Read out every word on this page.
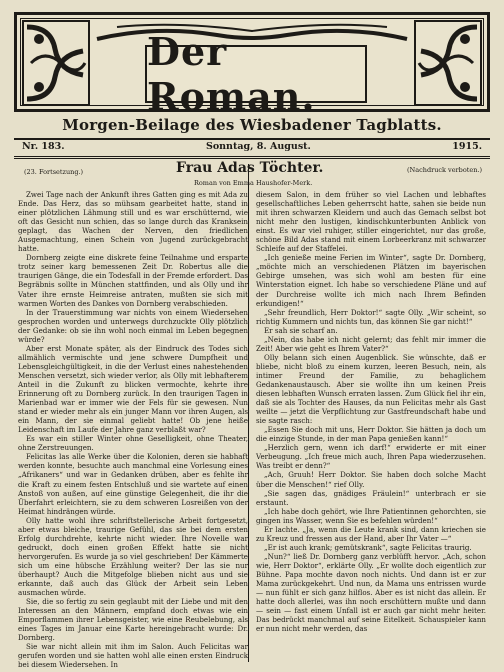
Der Roman.
Morgen-Beilage des Wiesbadener Tagblatts.
Nr. 183.	Sonntag, 8. August.	1915.
(23. Fortsetzung.)	Frau Adas Töchter.
Roman von Emma Haushofer-Merk.

Zwei Tage nach der Ankunft ihres Gatten ging es mit Ada zu Ende. Das Herz, das so mühsam gearbeitet hatte, stand in einer plötzlichen Lähmung still und es war erschütternd, wie oft das Gesicht nun schien, das so lange durch das Kranksein geplagt, das Wachen der Nerven, den friedlichen Ausgemachtung, einen Schein von Jugend zurückgebracht hatte.

Dornberg zeigte eine diskrete feine Teilnahme und ersparte trotz seiner karg bemessenen Zeit Dr. Robertus alle die traurigen Gänge, die ein Todesfall in der Fremde erfordert. Das Begräbnis sollte in München stattfinden, und als Olly und ihr Vater ihre ernste Heimreise antraten, mußten sie sich mit warmen Worten des Dankes von Dornberg verabschieden.

In der Trauerstimmung war nichts von einem Wiedersehen gesprochen worden und unterwegs durchzuckte Olly plötzlich der Gedanke: ob sie ihn wohl noch einmal im Leben begegnen würde?

Aber erst Monate später, als der Eindruck des Todes sich allmählich vermischte und jene schwere Dumpfheit und Lebensgleichgültigkeit, in die der Verlust eines nahestehenden Menschen versetzt, sich wieder verlor, als Olly mit lebhafterem Anteil in die Zukunft zu blicken vermochte, kehrte ihre Erinnerung oft zu Dornberg zurück. In den traurigen Tagen in Marienbad war er immer wie der Fels für sie gewesen. Nun stand er wieder mehr als ein junger Mann vor ihren Augen, als ein Mann, der sie einmal geliebt hatte! Ob jene heiße Leidenschaft im Laufe der Jahre ganz verblaßt war?

Es war ein stiller Winter ohne Geselligkeit, ohne Theater, ohne Zerstreuungen.

Felicitas las alle Werke über die Kolonien, deren sie habhaft werden konnte, besuchte auch manchmal eine Vorlesung eines „Afrikaners“ und war in Gedanken drüben, aber es fehlte ihr die Kraft zu einem festen Entschluß und sie wartete auf einen Anstoß von außen, auf eine günstige Gelegenheit, die ihr die Überfahrt erleichtern, sie zu dem schweren Losreißen von der Heimat hindrängen würde.

Olly hatte wohl ihre schriftstellerische Arbeit fortgesetzt, aber etwas bleiche, traurige Gefühl, das sie bei dem ersten Erfolg durchdrehte, kehrte nicht wieder. Ihre Novelle war gedruckt, doch einen großen Effekt hatte sie nicht hervorgerufen. Es wurde ja so viel geschrieben! Der Kämmerte sich um eine hübsche Erzählung weiter? Der las sie nur überhaupt? Auch die Mitgefolge blieben nicht aus und sie erkannte, daß auch das Glück der Arbeit sein Leben ausmachen würde.

Sie, die so fertig zu sein geglaubt mit der Liebe und mit den Interessen an den Männern, empfand doch etwas wie ein Emporflammen ihrer Lebensgeister, wie eine Reubelebung, als eines Tages im Januar eine Karte hereingebracht wurde: Dr. Dornberg.

Sie war nicht allein mit ihm im Salon. Auch Felicitas war gerufen worden und sie hatten wohl alle einen ersten Eindruck bei diesem Wiedersehen. In

(Nachdruck verboten.)

diesem Salon, in dem früher so viel Lachen und lebhaftes gesellschaftliches Leben geherrscht hatte, sahen sie beide nun mit ihren schwarzen Kleidern und auch das Gemach selbst bot nicht mehr den lustigen, kindischkunterbunten Anblick von einst. Es war viel ruhiger, stiller eingerichtet, nur das große, schöne Bild Adas stand mit einem Lorbeerkranz mit schwarzer Schleife auf der Staffelei.

„Ich genieße meine Ferien im Winter“, sagte Dr. Dornberg, „möchte mich an verschiedenen Plätzen im bayerischen Gebirge umsehen, was sich wohl am besten für eine Winterstation eignet. Ich habe so verschiedene Pläne und auf der Durchreise wollte ich mich nach Ihrem Befinden erkundigen!“

„Sehr freundlich, Herr Doktor!“ sagte Olly. „Wir scheint, so richtig Kummern und nichts tun, das können Sie gar nicht!“

Er sah sie scharf an.

„Nein, das habe ich nicht gelernt; das fehlt mir immer die Zeit! Aber wie geht es Ihrem Vater?“

Olly belann sich einen Augenblick. Sie wünschte, daß er bliebe, nicht bloß zu einem kurzen, leeren Besuch, nein, als intimer Freund der Familie, zu behaglichem Gedankenaustausch. Aber sie wollte ihn um keinen Preis diesen lebhaften Wunsch erraten lassen. Zum Glück fiel ihr ein, daß sie als Tochter des Hauses, da nun Felicitas mehr als Gast weilte — jetzt die Verpflichtung zur Gastfreundschaft habe und sie sagte rasch:

„Essen Sie doch mit uns, Herr Doktor. Sie hätten ja doch um die einzige Stunde, in der man Papa genießen kann!“

„Herzlich gern, wenn ich darf!“ erwiderte er mit einer Verbeugung. „Ich freue mich auch, Ihren Papa wiederzusehen. Was treibt er denn?“

„Ach, Gruuh! Herr Doktor. Sie haben doch solche Macht über die Menschen!“ rief Olly.

„Sie sagen das, gnädiges Fräulein!“ unterbrach er sie erstaunt.

„Ich habe doch gehört, wie Ihre Patientinnen gehorchten, sie gingen ins Wasser, wenn Sie es befehlen würden!“

Er lachte. „Ja, wenn die Leute krank sind, dann kriechen sie zu Kreuz und fressen aus der Hand, aber Ihr Vater —“

„Er ist auch krank; gemütskrank“, sagte Felicitas traurig.

„Nun?“ ließ Dr. Dornberg ganz verblüfft hervor. „Ach, schon wie, Herr Doktor“, erklärte Olly. „Er wollte doch eigentlich zur Bühne. Papa mochte davon noch nichts. Und dann ist er zur Mama zurückgekehrt. Und nun, da Mama uns entrissen wurde — nun fühlt er sich ganz hilflos. Aber es ist nicht das allein. Er hatte doch allerlei, was ihn noch erschüttern mußte und dann — sein — fast einem Unfall ist er auch gar nicht mehr heiter. Das bedrückt manchmal auf seine Eitelkeit. Schauspieler kann er nun nicht mehr werden, das
